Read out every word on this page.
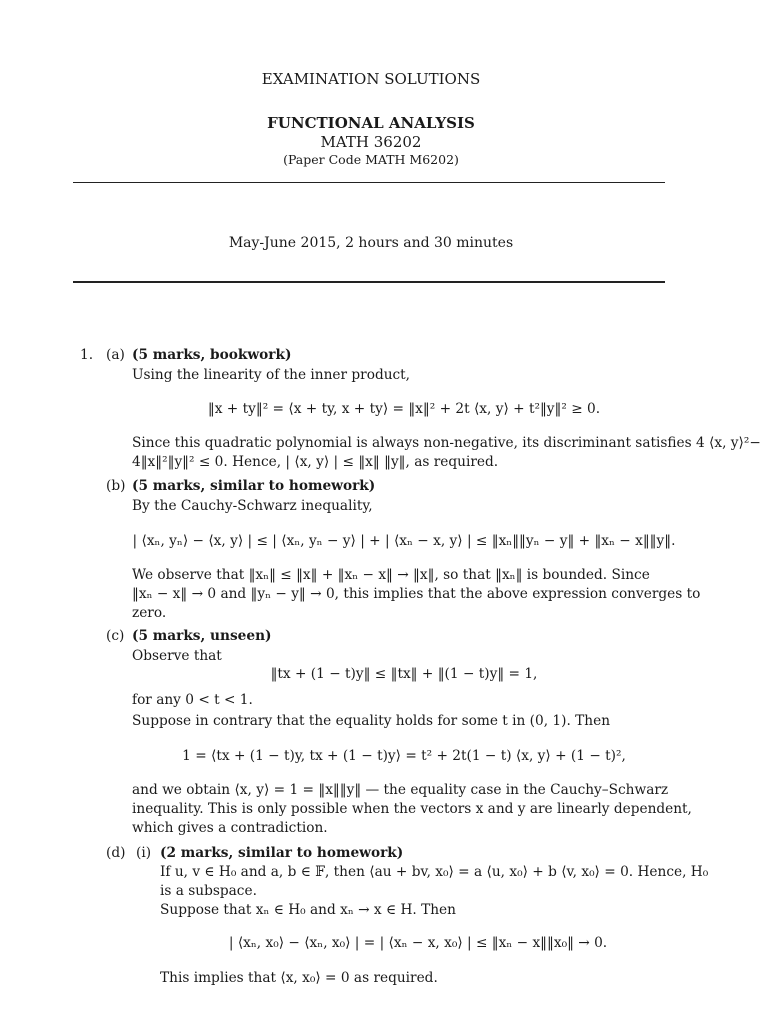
EXAMINATION SOLUTIONS
FUNCTIONAL ANALYSIS
MATH 36202
(Paper Code MATH M6202)
May-June 2015, 2 hours and 30 minutes
1. (a) (5 marks, bookwork)
Using the linearity of the inner product,
‖x + ty‖² = ⟨x + ty, x + ty⟩ = ‖x‖² + 2t ⟨x, y⟩ + t²‖y‖² ≥ 0.
Since this quadratic polynomial is always non-negative, its discriminant satisfies 4 ⟨x, y⟩²−
4‖x‖²‖y‖² ≤ 0. Hence, | ⟨x, y⟩ | ≤ ‖x‖ ‖y‖, as required.
(b) (5 marks, similar to homework)
By the Cauchy-Schwarz inequality,
| ⟨xₙ, yₙ⟩ − ⟨x, y⟩ | ≤ | ⟨xₙ, yₙ − y⟩ | + | ⟨xₙ − x, y⟩ | ≤ ‖xₙ‖‖yₙ − y‖ + ‖xₙ − x‖‖y‖.
We observe that ‖xₙ‖ ≤ ‖x‖ + ‖xₙ − x‖ → ‖x‖, so that ‖xₙ‖ is bounded. Since
‖xₙ − x‖ → 0 and ‖yₙ − y‖ → 0, this implies that the above expression converges to
zero.
(c) (5 marks, unseen)
Observe that
‖tx + (1 − t)y‖ ≤ ‖tx‖ + ‖(1 − t)y‖ = 1,
for any 0 < t < 1.
Suppose in contrary that the equality holds for some t in (0, 1). Then
1 = ⟨tx + (1 − t)y, tx + (1 − t)y⟩ = t² + 2t(1 − t) ⟨x, y⟩ + (1 − t)²,
and we obtain ⟨x, y⟩ = 1 = ‖x‖‖y‖ — the equality case in the Cauchy–Schwarz
inequality. This is only possible when the vectors x and y are linearly dependent,
which gives a contradiction.
(d) (i) (2 marks, similar to homework)
If u, v ∈ H₀ and a, b ∈ 𝔽, then ⟨au + bv, x₀⟩ = a ⟨u, x₀⟩ + b ⟨v, x₀⟩ = 0. Hence, H₀
is a subspace.
Suppose that xₙ ∈ H₀ and xₙ → x ∈ H. Then
| ⟨xₙ, x₀⟩ − ⟨xₙ, x₀⟩ | = | ⟨xₙ − x, x₀⟩ | ≤ ‖xₙ − x‖‖x₀‖ → 0.
This implies that ⟨x, x₀⟩ = 0 as required.
